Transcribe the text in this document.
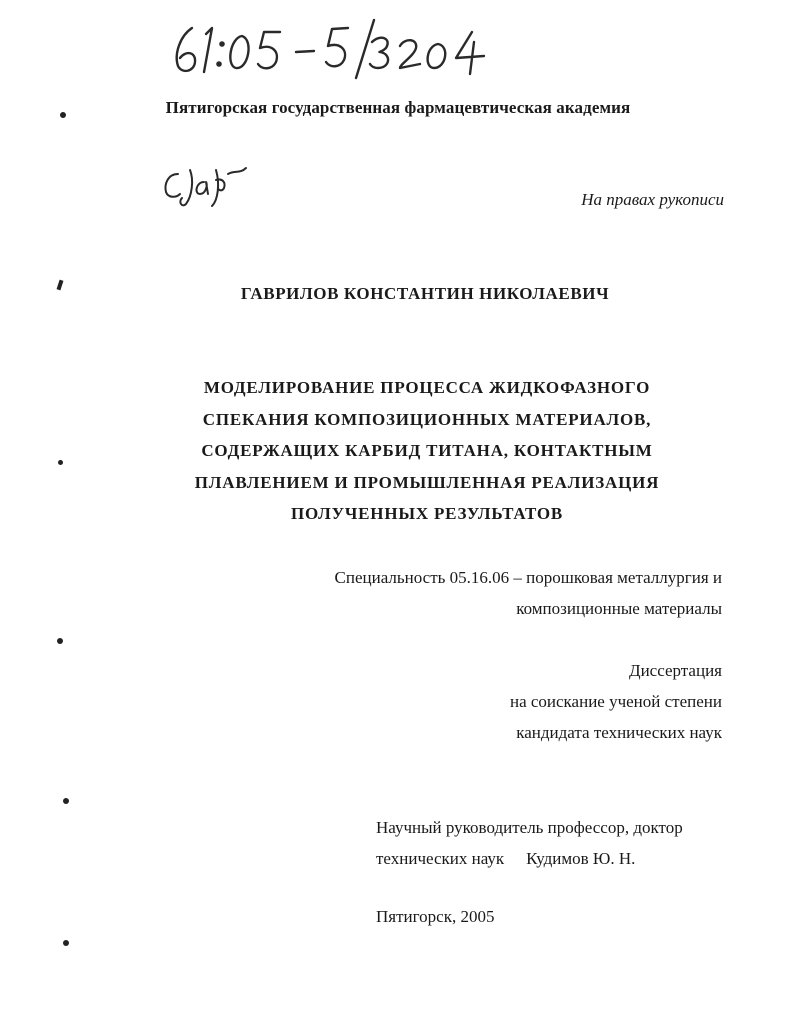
Пятигорская государственная фармацевтическая академия
На правах рукописи
ГАВРИЛОВ КОНСТАНТИН НИКОЛАЕВИЧ
МОДЕЛИРОВАНИЕ ПРОЦЕССА ЖИДКОФАЗНОГО
СПЕКАНИЯ КОМПОЗИЦИОННЫХ МАТЕРИАЛОВ,
СОДЕРЖАЩИХ КАРБИД ТИТАНА, КОНТАКТНЫМ
ПЛАВЛЕНИЕМ И ПРОМЫШЛЕННАЯ РЕАЛИЗАЦИЯ
ПОЛУЧЕННЫХ РЕЗУЛЬТАТОВ
Специальность 05.16.06 – порошковая металлургия и
композиционные материалы
Диссертация
на соискание ученой степени
кандидата технических наук
Научный руководитель профессор, доктор
технических наук Кудимов Ю. Н.
Пятигорск, 2005
